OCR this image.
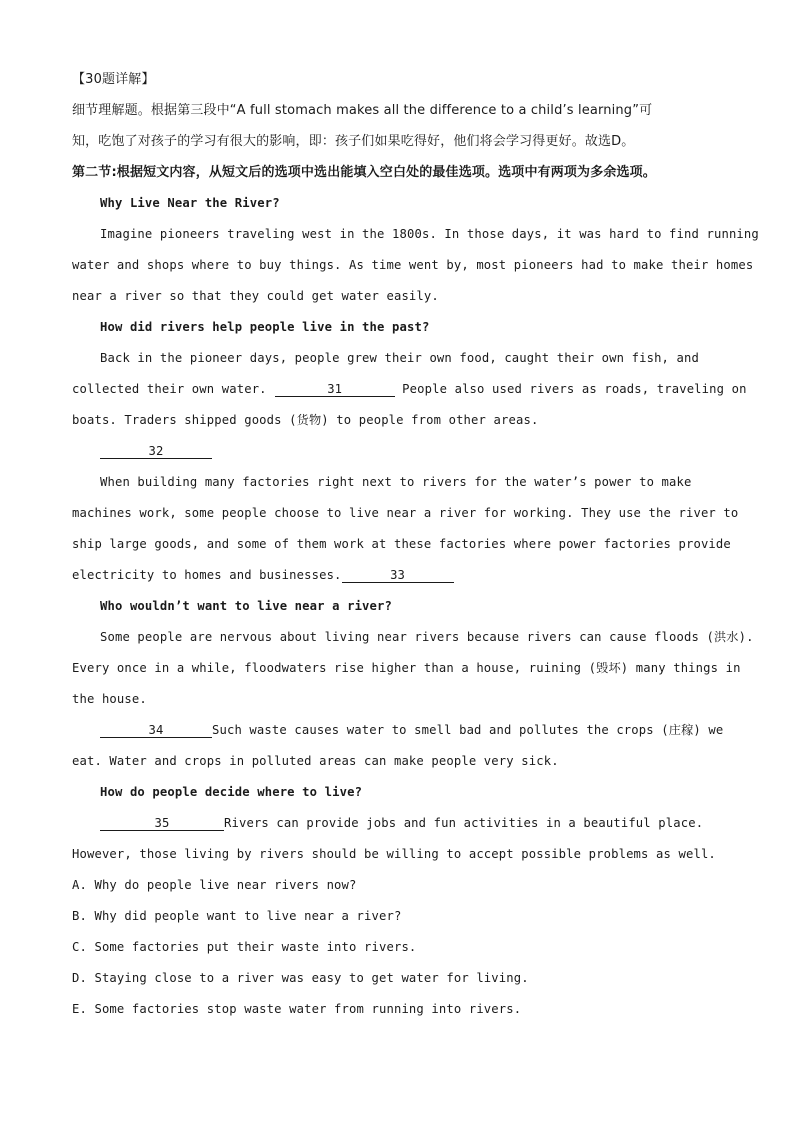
【30题详解】
细节理解题。根据第三段中“A full stomach makes all the difference to a child’s learning”可
知，吃饱了对孩子的学习有很大的影响，即：孩子们如果吃得好，他们将会学习得更好。故选D。
第二节:根据短文内容，从短文后的选项中选出能填入空白处的最佳选项。选项中有两项为多余选项。
Why Live Near the River?
Imagine pioneers traveling west in the 1800s. In those days, it was hard to find running
water and shops where to buy things. As time went by, most pioneers had to make their homes
near a river so that they could get water easily.
How did rivers help people live in the past?
Back in the pioneer days, people grew their own food, caught their own fish, and
collected their own water.	31	People also used rivers as roads, traveling on
boats. Traders shipped goods (货物) to people from other areas.
32
When building many factories right next to rivers for the water’s power to make
machines work, some people choose to live near a river for working. They use the river to
ship large goods, and some of them work at these factories where power factories provide
electricity to homes and businesses.	33
Who wouldn’t want to live near a river?
Some people are nervous about living near rivers because rivers can cause floods (洪水).
Every once in a while, floodwaters rise higher than a house, ruining (毁坏) many things in
the house.
34	Such waste causes water to smell bad and pollutes the crops (庄稼) we
eat. Water and crops in polluted areas can make people very sick.
How do people decide where to live?
35	Rivers can provide jobs and fun activities in a beautiful place.
However, those living by rivers should be willing to accept possible problems as well.
A. Why do people live near rivers now?
B. Why did people want to live near a river?
C. Some factories put their waste into rivers.
D. Staying close to a river was easy to get water for living.
E. Some factories stop waste water from running into rivers.
